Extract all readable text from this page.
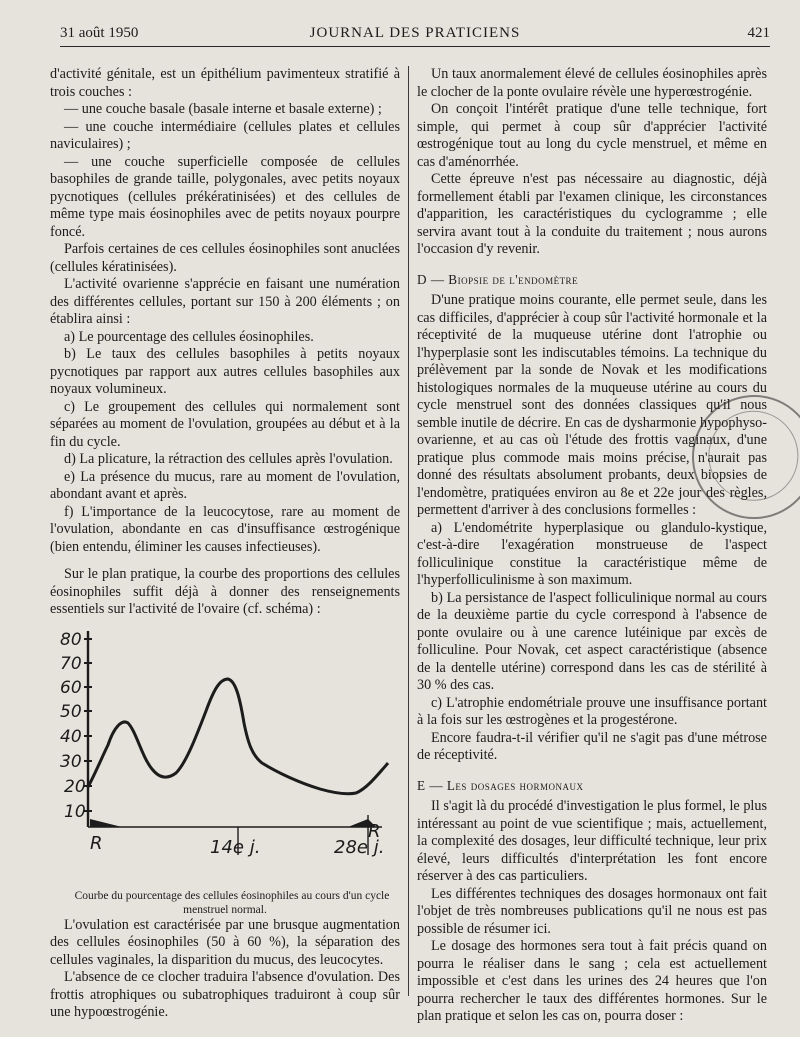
31 août 1950	JOURNAL DES PRATICIENS	421

d'activité génitale, est un épithélium pavimenteux stratifié à trois couches :

— une couche basale (basale interne et basale externe) ;

— une couche intermédiaire (cellules plates et cellules naviculaires) ;

— une couche superficielle composée de cellules basophiles de grande taille, polygonales, avec petits noyaux pycnotiques (cellules prékératinisées) et des cellules de même type mais éosinophiles avec de petits noyaux pourpre foncé.

Parfois certaines de ces cellules éosinophiles sont anuclées (cellules kératinisées).

L'activité ovarienne s'apprécie en faisant une numération des différentes cellules, portant sur 150 à 200 éléments ; on établira ainsi :

a) Le pourcentage des cellules éosinophiles.

b) Le taux des cellules basophiles à petits noyaux pycnotiques par rapport aux autres cellules basophiles aux noyaux volumineux.

c) Le groupement des cellules qui normalement sont séparées au moment de l'ovulation, groupées au début et à la fin du cycle.

d) La plicature, la rétraction des cellules après l'ovulation.

e) La présence du mucus, rare au moment de l'ovulation, abondant avant et après.

f) L'importance de la leucocytose, rare au moment de l'ovulation, abondante en cas d'insuffisance œstrogénique (bien entendu, éliminer les causes infectieuses).

Sur le plan pratique, la courbe des proportions des cellules éosinophiles suffit déjà à donner des renseignements essentiels sur l'activité de l'ovaire (cf. schéma) :

80
70
60
50
40
30
20
10
R	14e j.	28e j.
R

Courbe du pourcentage des cellules éosinophiles au cours d'un cycle menstruel normal.

L'ovulation est caractérisée par une brusque augmentation des cellules éosinophiles (50 à 60 %), la séparation des cellules vaginales, la disparition du mucus, des leucocytes.

L'absence de ce clocher traduira l'absence d'ovulation. Des frottis atrophiques ou subatrophiques traduiront à coup sûr une hypoœstrogénie.

Un taux anormalement élevé de cellules éosinophiles après le clocher de la ponte ovulaire révèle une hyperœstrogénie.

On conçoit l'intérêt pratique d'une telle technique, fort simple, qui permet à coup sûr d'apprécier l'activité œstrogénique tout au long du cycle menstruel, et même en cas d'aménorrhée.

Cette épreuve n'est pas nécessaire au diagnostic, déjà formellement établi par l'examen clinique, les circonstances d'apparition, les caractéristiques du cyclogramme ; elle servira avant tout à la conduite du traitement ; nous aurons l'occasion d'y revenir.

D — Biopsie de l'endomètre

D'une pratique moins courante, elle permet seule, dans les cas difficiles, d'apprécier à coup sûr l'activité hormonale et la réceptivité de la muqueuse utérine dont l'atrophie ou l'hyperplasie sont les indiscutables témoins. La technique du prélèvement par la sonde de Novak et les modifications histologiques normales de la muqueuse utérine au cours du cycle menstruel sont des données classiques qu'il nous semble inutile de décrire. En cas de dysharmonie hypophyso-ovarienne, et au cas où l'étude des frottis vaginaux, d'une pratique plus commode mais moins précise, n'aurait pas donné des résultats absolument probants, deux biopsies de l'endomètre, pratiquées environ au 8e et 22e jour des règles, permettent d'arriver à des conclusions formelles :

a) L'endométrite hyperplasique ou glandulo-kystique, c'est-à-dire l'exagération monstrueuse de l'aspect folliculinique constitue la caractéristique même de l'hyperfolliculinisme à son maximum.

b) La persistance de l'aspect folliculinique normal au cours de la deuxième partie du cycle correspond à l'absence de ponte ovulaire ou à une carence lutéinique par excès de folliculine. Pour Novak, cet aspect caractéristique (absence de la dentelle utérine) correspond dans les cas de stérilité à 30 % des cas.

c) L'atrophie endométriale prouve une insuffisance portant à la fois sur les œstrogènes et la progestérone.

Encore faudra-t-il vérifier qu'il ne s'agit pas d'une métrose de réceptivité.

E — Les dosages hormonaux

Il s'agit là du procédé d'investigation le plus formel, le plus intéressant au point de vue scientifique ; mais, actuellement, la complexité des dosages, leur difficulté technique, leur prix élevé, leurs difficultés d'interprétation les font encore réserver à des cas particuliers.

Les différentes techniques des dosages hormonaux ont fait l'objet de très nombreuses publications qu'il ne nous est pas possible de résumer ici.

Le dosage des hormones sera tout à fait précis quand on pourra le réaliser dans le sang ; cela est actuellement impossible et c'est dans les urines des 24 heures que l'on pourra rechercher le taux des différentes hormones. Sur le plan pratique et selon les cas on, pourra doser :
